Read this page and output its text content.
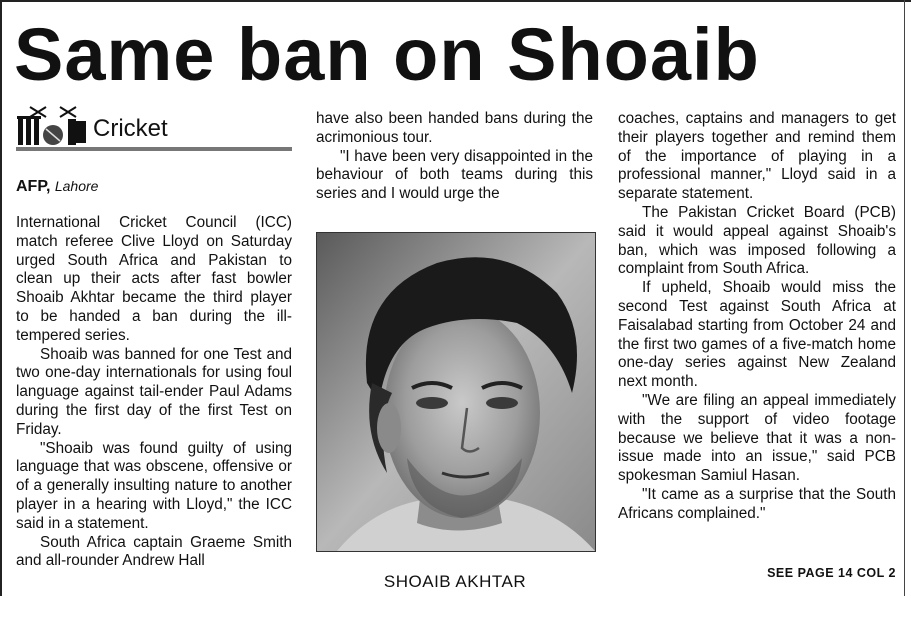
Same ban on Shoaib
Cricket
AFP, Lahore

International Cricket Council (ICC) match referee Clive Lloyd on Saturday urged South Africa and Pakistan to clean up their acts after fast bowler Shoaib Akhtar became the third player to be handed a ban during the ill-tempered series.

Shoaib was banned for one Test and two one-day internationals for using foul language against tail-ender Paul Adams during the first day of the first Test on Friday.

"Shoaib was found guilty of using language that was obscene, offensive or of a generally insulting nature to another player in a hearing with Lloyd," the ICC said in a statement.

South Africa captain Graeme Smith and all-rounder Andrew Hall

have also been handed bans during the acrimonious tour.

"I have been very disappointed in the behaviour of both teams during this series and I would urge the

SHOAIB AKHTAR

coaches, captains and managers to get their players together and remind them of the importance of playing in a professional manner," Lloyd said in a separate statement.

The Pakistan Cricket Board (PCB) said it would appeal against Shoaib's ban, which was imposed following a complaint from South Africa.

If upheld, Shoaib would miss the second Test against South Africa at Faisalabad starting from October 24 and the first two games of a five-match home one-day series against New Zealand next month.

"We are filing an appeal immediately with the support of video footage because we believe that it was a non-issue made into an issue," said PCB spokesman Samiul Hasan.

"It came as a surprise that the South Africans complained."

SEE PAGE 14 COL 2
